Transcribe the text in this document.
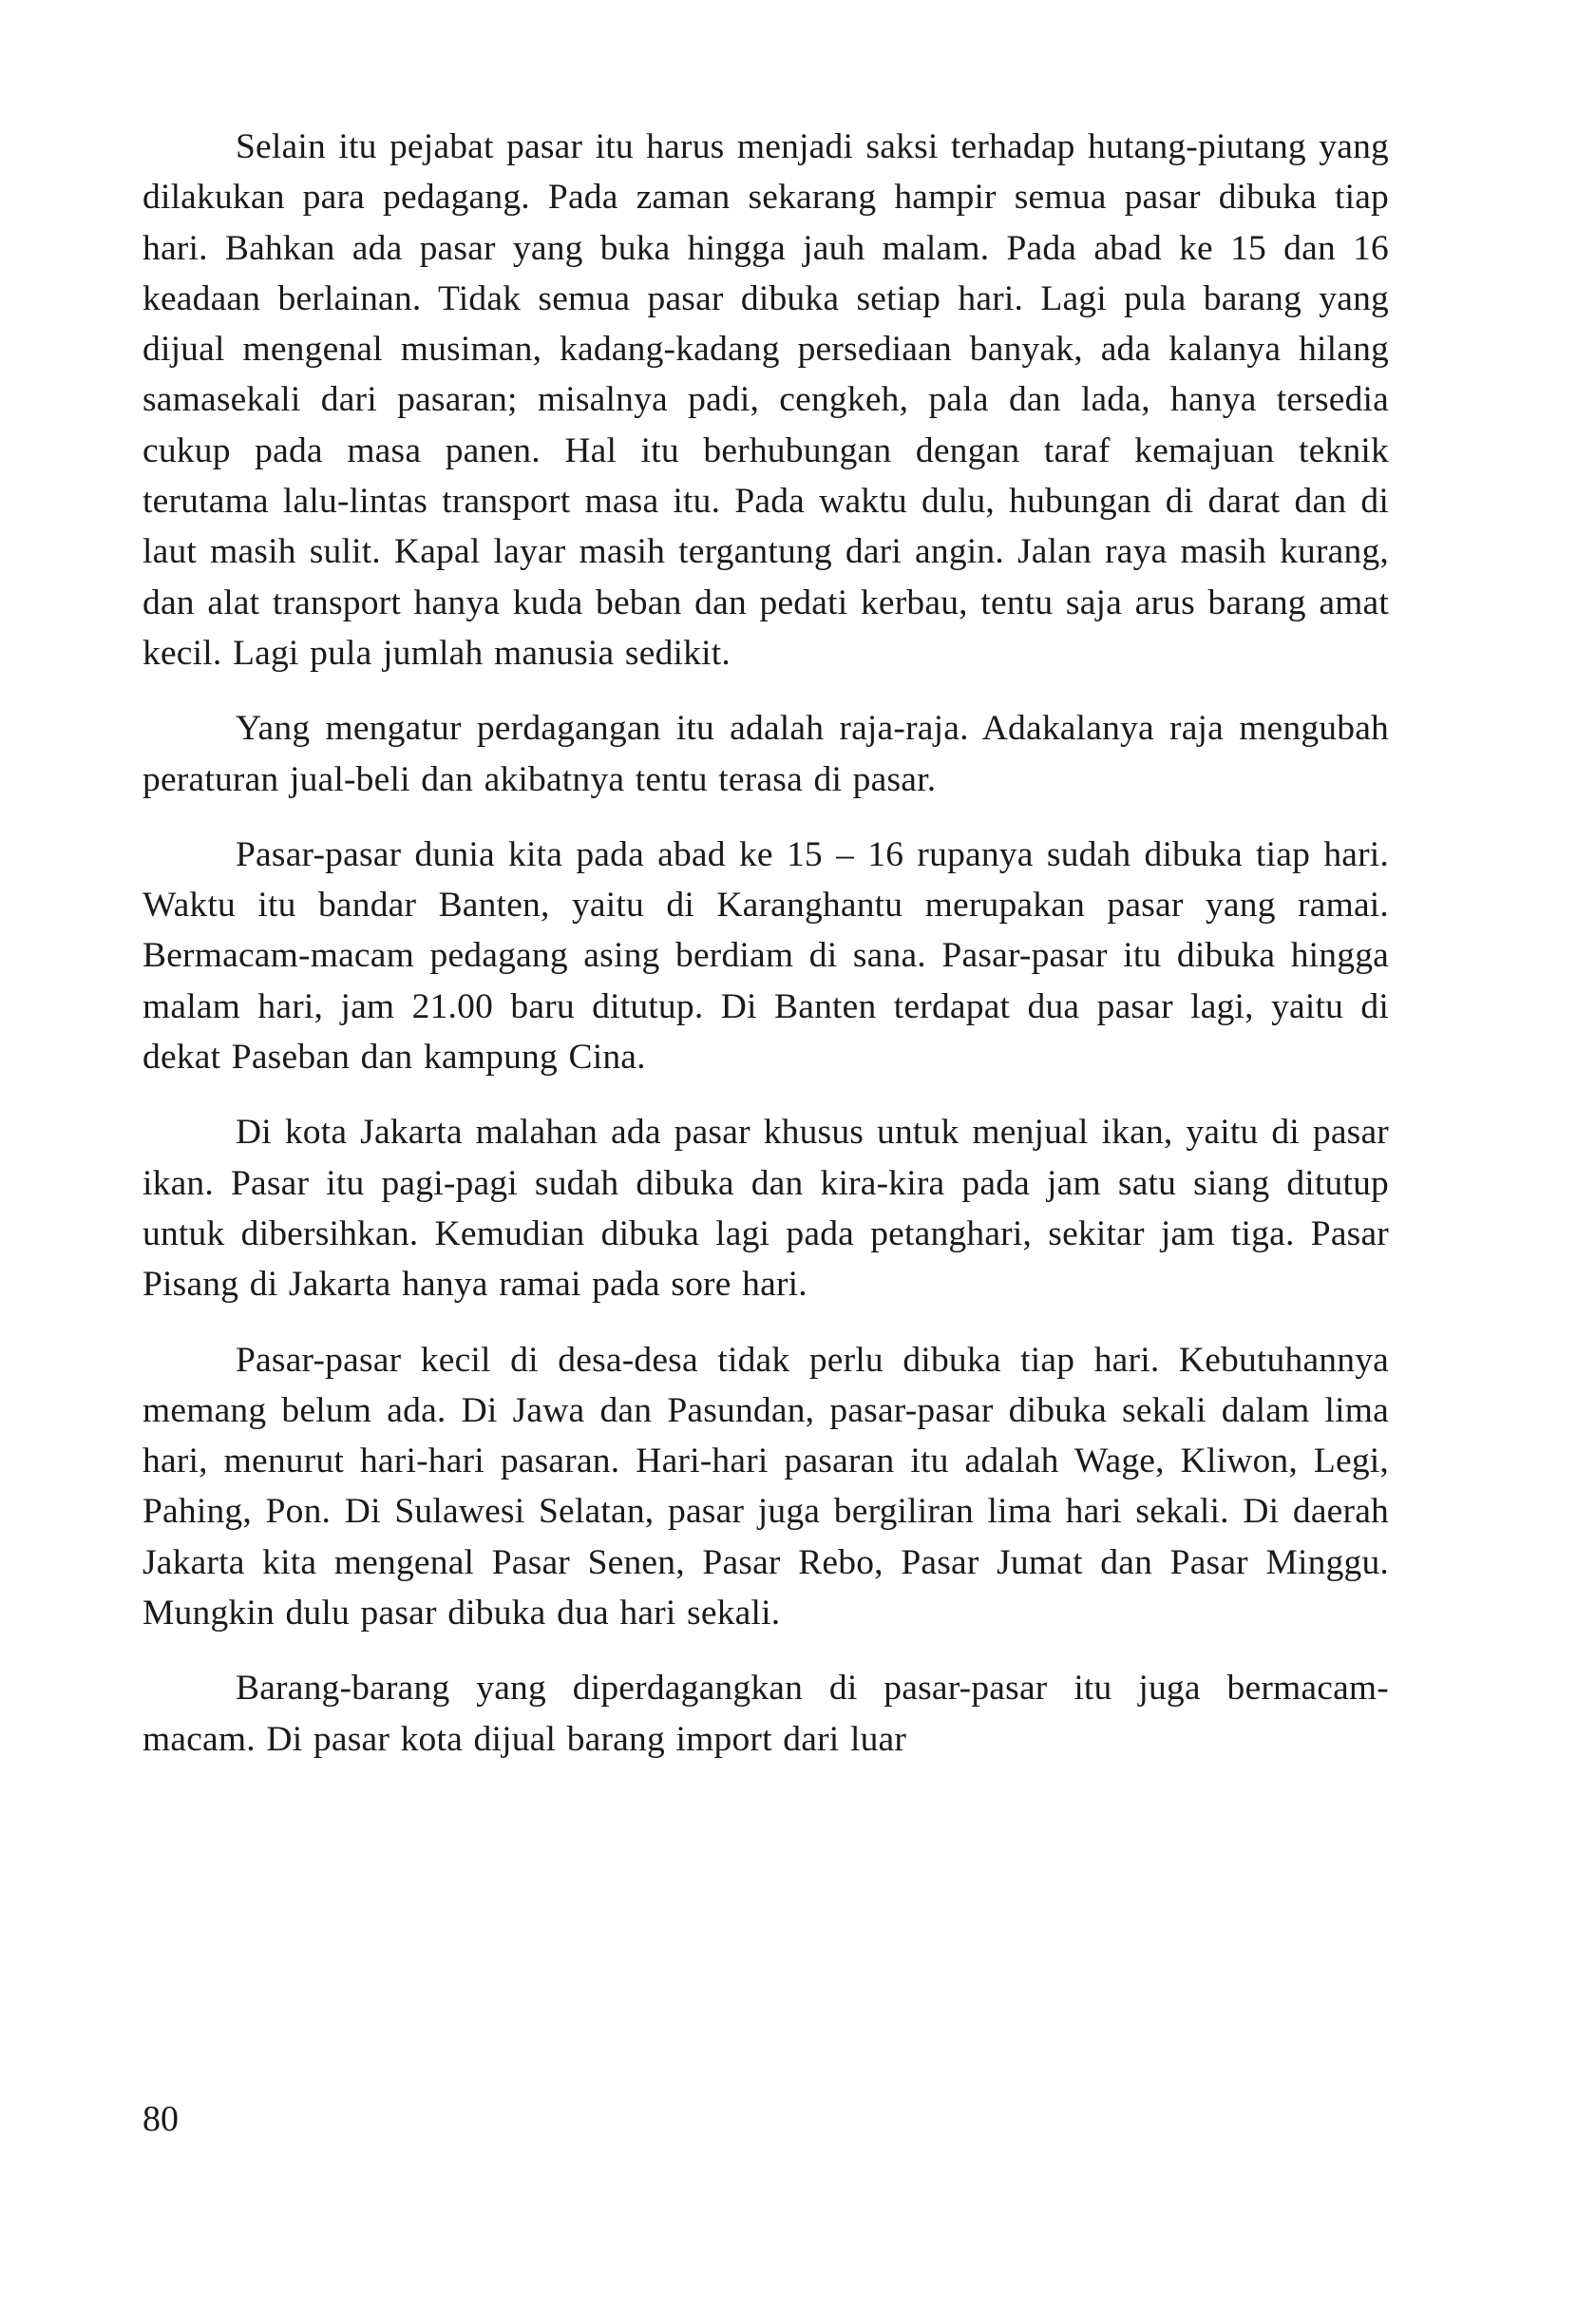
Selain itu pejabat pasar itu harus menjadi saksi terhadap hutang-piutang yang dilakukan para pedagang. Pada zaman sekarang hampir semua pasar dibuka tiap hari. Bahkan ada pasar yang buka hingga jauh malam. Pada abad ke 15 dan 16 keadaan berlainan. Tidak semua pasar dibuka setiap hari. Lagi pula barang yang dijual mengenal musiman, kadang-kadang persediaan banyak, ada kalanya hilang samasekali dari pasaran; misalnya padi, cengkeh, pala dan lada, hanya tersedia cukup pada masa panen. Hal itu berhubungan dengan taraf kemajuan teknik terutama lalu-lintas transport masa itu. Pada waktu dulu, hubungan di darat dan di laut masih sulit. Kapal layar masih tergantung dari angin. Jalan raya masih kurang, dan alat transport hanya kuda beban dan pedati kerbau, tentu saja arus barang amat kecil. Lagi pula jumlah manusia sedikit.

Yang mengatur perdagangan itu adalah raja-raja. Adakalanya raja mengubah peraturan jual-beli dan akibatnya tentu terasa di pasar.

Pasar-pasar dunia kita pada abad ke 15 – 16 rupanya sudah dibuka tiap hari. Waktu itu bandar Banten, yaitu di Karanghantu merupakan pasar yang ramai. Bermacam-macam pedagang asing berdiam di sana. Pasar-pasar itu dibuka hingga malam hari, jam 21.00 baru ditutup. Di Banten terdapat dua pasar lagi, yaitu di dekat Paseban dan kampung Cina.

Di kota Jakarta malahan ada pasar khusus untuk menjual ikan, yaitu di pasar ikan. Pasar itu pagi-pagi sudah dibuka dan kira-kira pada jam satu siang ditutup untuk dibersihkan. Kemudian dibuka lagi pada petanghari, sekitar jam tiga. Pasar Pisang di Jakarta hanya ramai pada sore hari.

Pasar-pasar kecil di desa-desa tidak perlu dibuka tiap hari. Kebutuhannya memang belum ada. Di Jawa dan Pasundan, pasar-pasar dibuka sekali dalam lima hari, menurut hari-hari pasaran. Hari-hari pasaran itu adalah Wage, Kliwon, Legi, Pahing, Pon. Di Sulawesi Selatan, pasar juga bergiliran lima hari sekali. Di daerah Jakarta kita mengenal Pasar Senen, Pasar Rebo, Pasar Jumat dan Pasar Minggu. Mungkin dulu pasar dibuka dua hari sekali.

Barang-barang yang diperdagangkan di pasar-pasar itu juga bermacam-macam. Di pasar kota dijual barang import dari luar

80
